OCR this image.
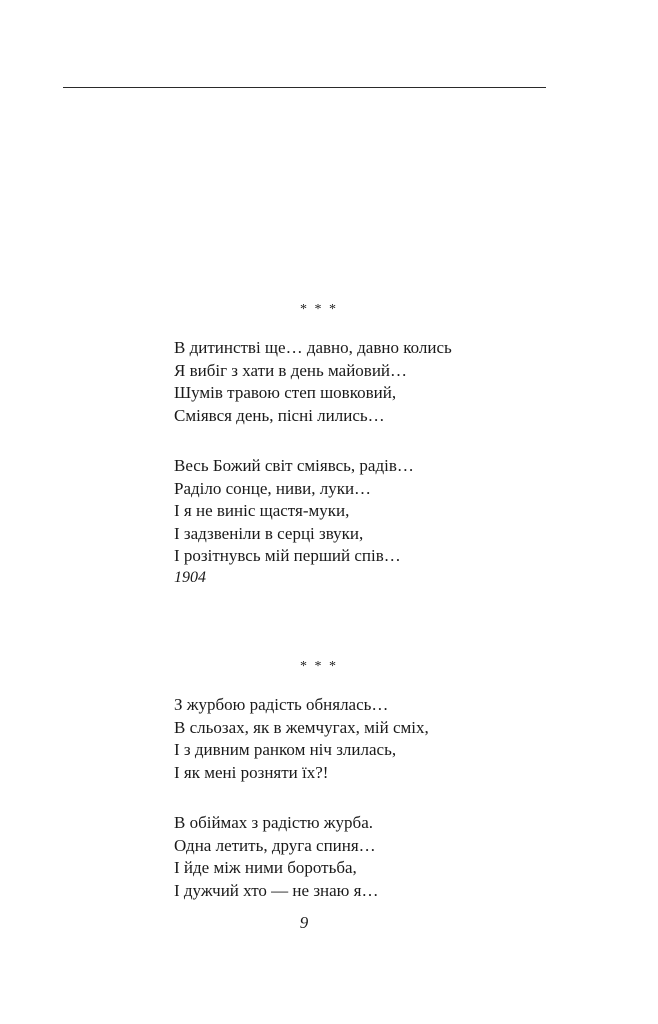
* * *
В дитинстві ще… давно, давно колись
Я вибіг з хати в день майовий…
Шумів травою степ шовковий,
Сміявся день, пісні лились…
Весь Божий світ сміявсь, радів…
Раділо сонце, ниви, луки…
І я не виніс щастя-муки,
І задзвеніли в серці звуки,
І розітнувсь мій перший спів…
1904
* * *
З журбою радість обнялась…
В сльозах, як в жемчугах, мій сміх,
І з дивним ранком ніч злилась,
І як мені розняти їх?!
В обіймах з радістю журба.
Одна летить, друга спиня…
І йде між ними боротьба,
І дужчий хто — не знаю я…
9
